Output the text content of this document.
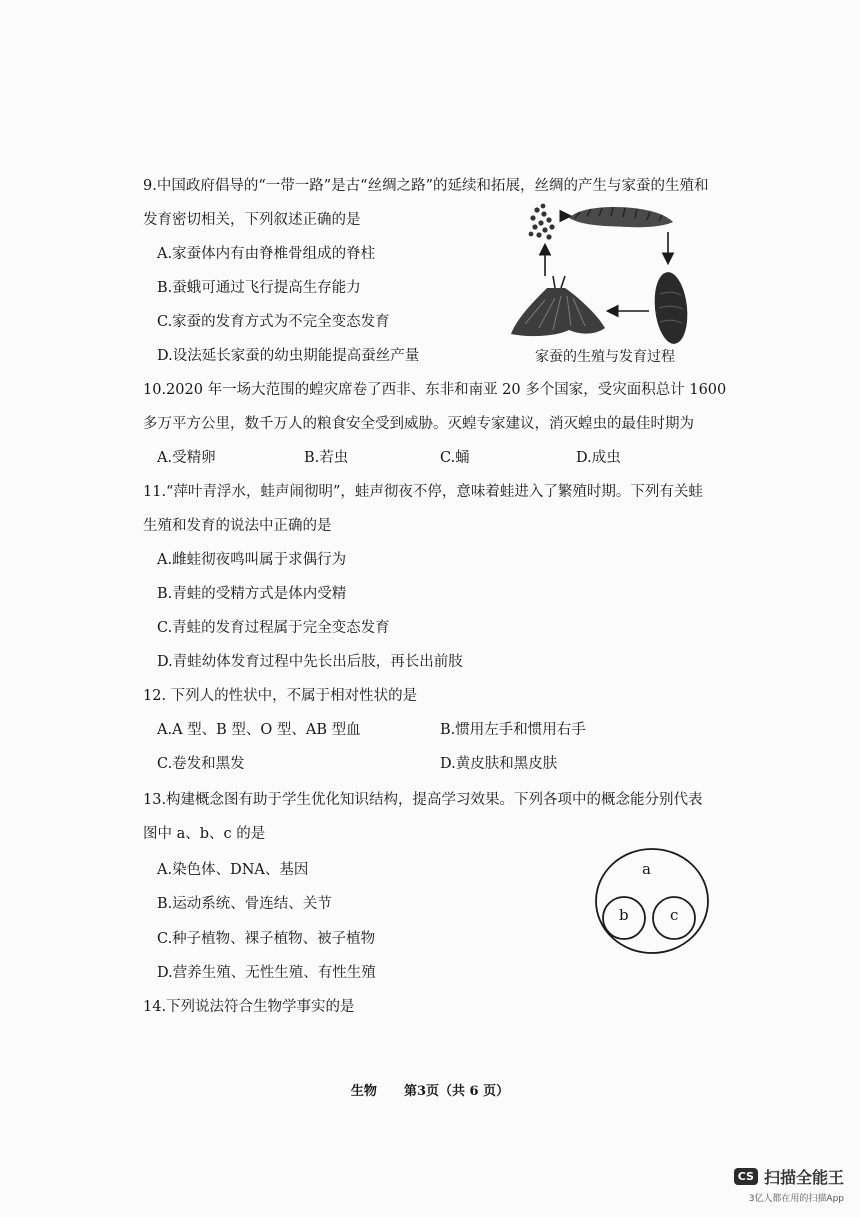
9.中国政府倡导的“一带一路”是古“丝绸之路”的延续和拓展，丝绸的产生与家蚕的生殖和
发育密切相关，下列叙述正确的是
A.家蚕体内有由脊椎骨组成的脊柱
B.蚕蛾可通过飞行提高生存能力
C.家蚕的发育方式为不完全变态发育
D.设法延长家蚕的幼虫期能提高蚕丝产量	家蚕的生殖与发育过程
10.2020 年一场大范围的蝗灾席卷了西非、东非和南亚 20 多个国家，受灾面积总计 1600
多万平方公里，数千万人的粮食安全受到威胁。灭蝗专家建议，消灭蝗虫的最佳时期为
A.受精卵	B.若虫	C.蛹	D.成虫
11.“萍叶青浮水，蛙声闹彻明”，蛙声彻夜不停，意味着蛙进入了繁殖时期。下列有关蛙
生殖和发育的说法中正确的是
A.雌蛙彻夜鸣叫属于求偶行为
B.青蛙的受精方式是体内受精
C.青蛙的发育过程属于完全变态发育
D.青蛙幼体发育过程中先长出后肢，再长出前肢
12. 下列人的性状中，不属于相对性状的是
A.A 型、B 型、O 型、AB 型血	B.惯用左手和惯用右手
C.卷发和黑发	D.黄皮肤和黑皮肤
13.构建概念图有助于学生优化知识结构，提高学习效果。下列各项中的概念能分别代表
图中 a、b、c 的是
A.染色体、DNA、基因
B.运动系统、骨连结、关节
C.种子植物、裸子植物、被子植物
D.营养生殖、无性生殖、有性生殖
a
b	c
14.下列说法符合生物学事实的是
生物 第3页（共 6 页）
CS 扫描全能王
3亿人都在用的扫描App
